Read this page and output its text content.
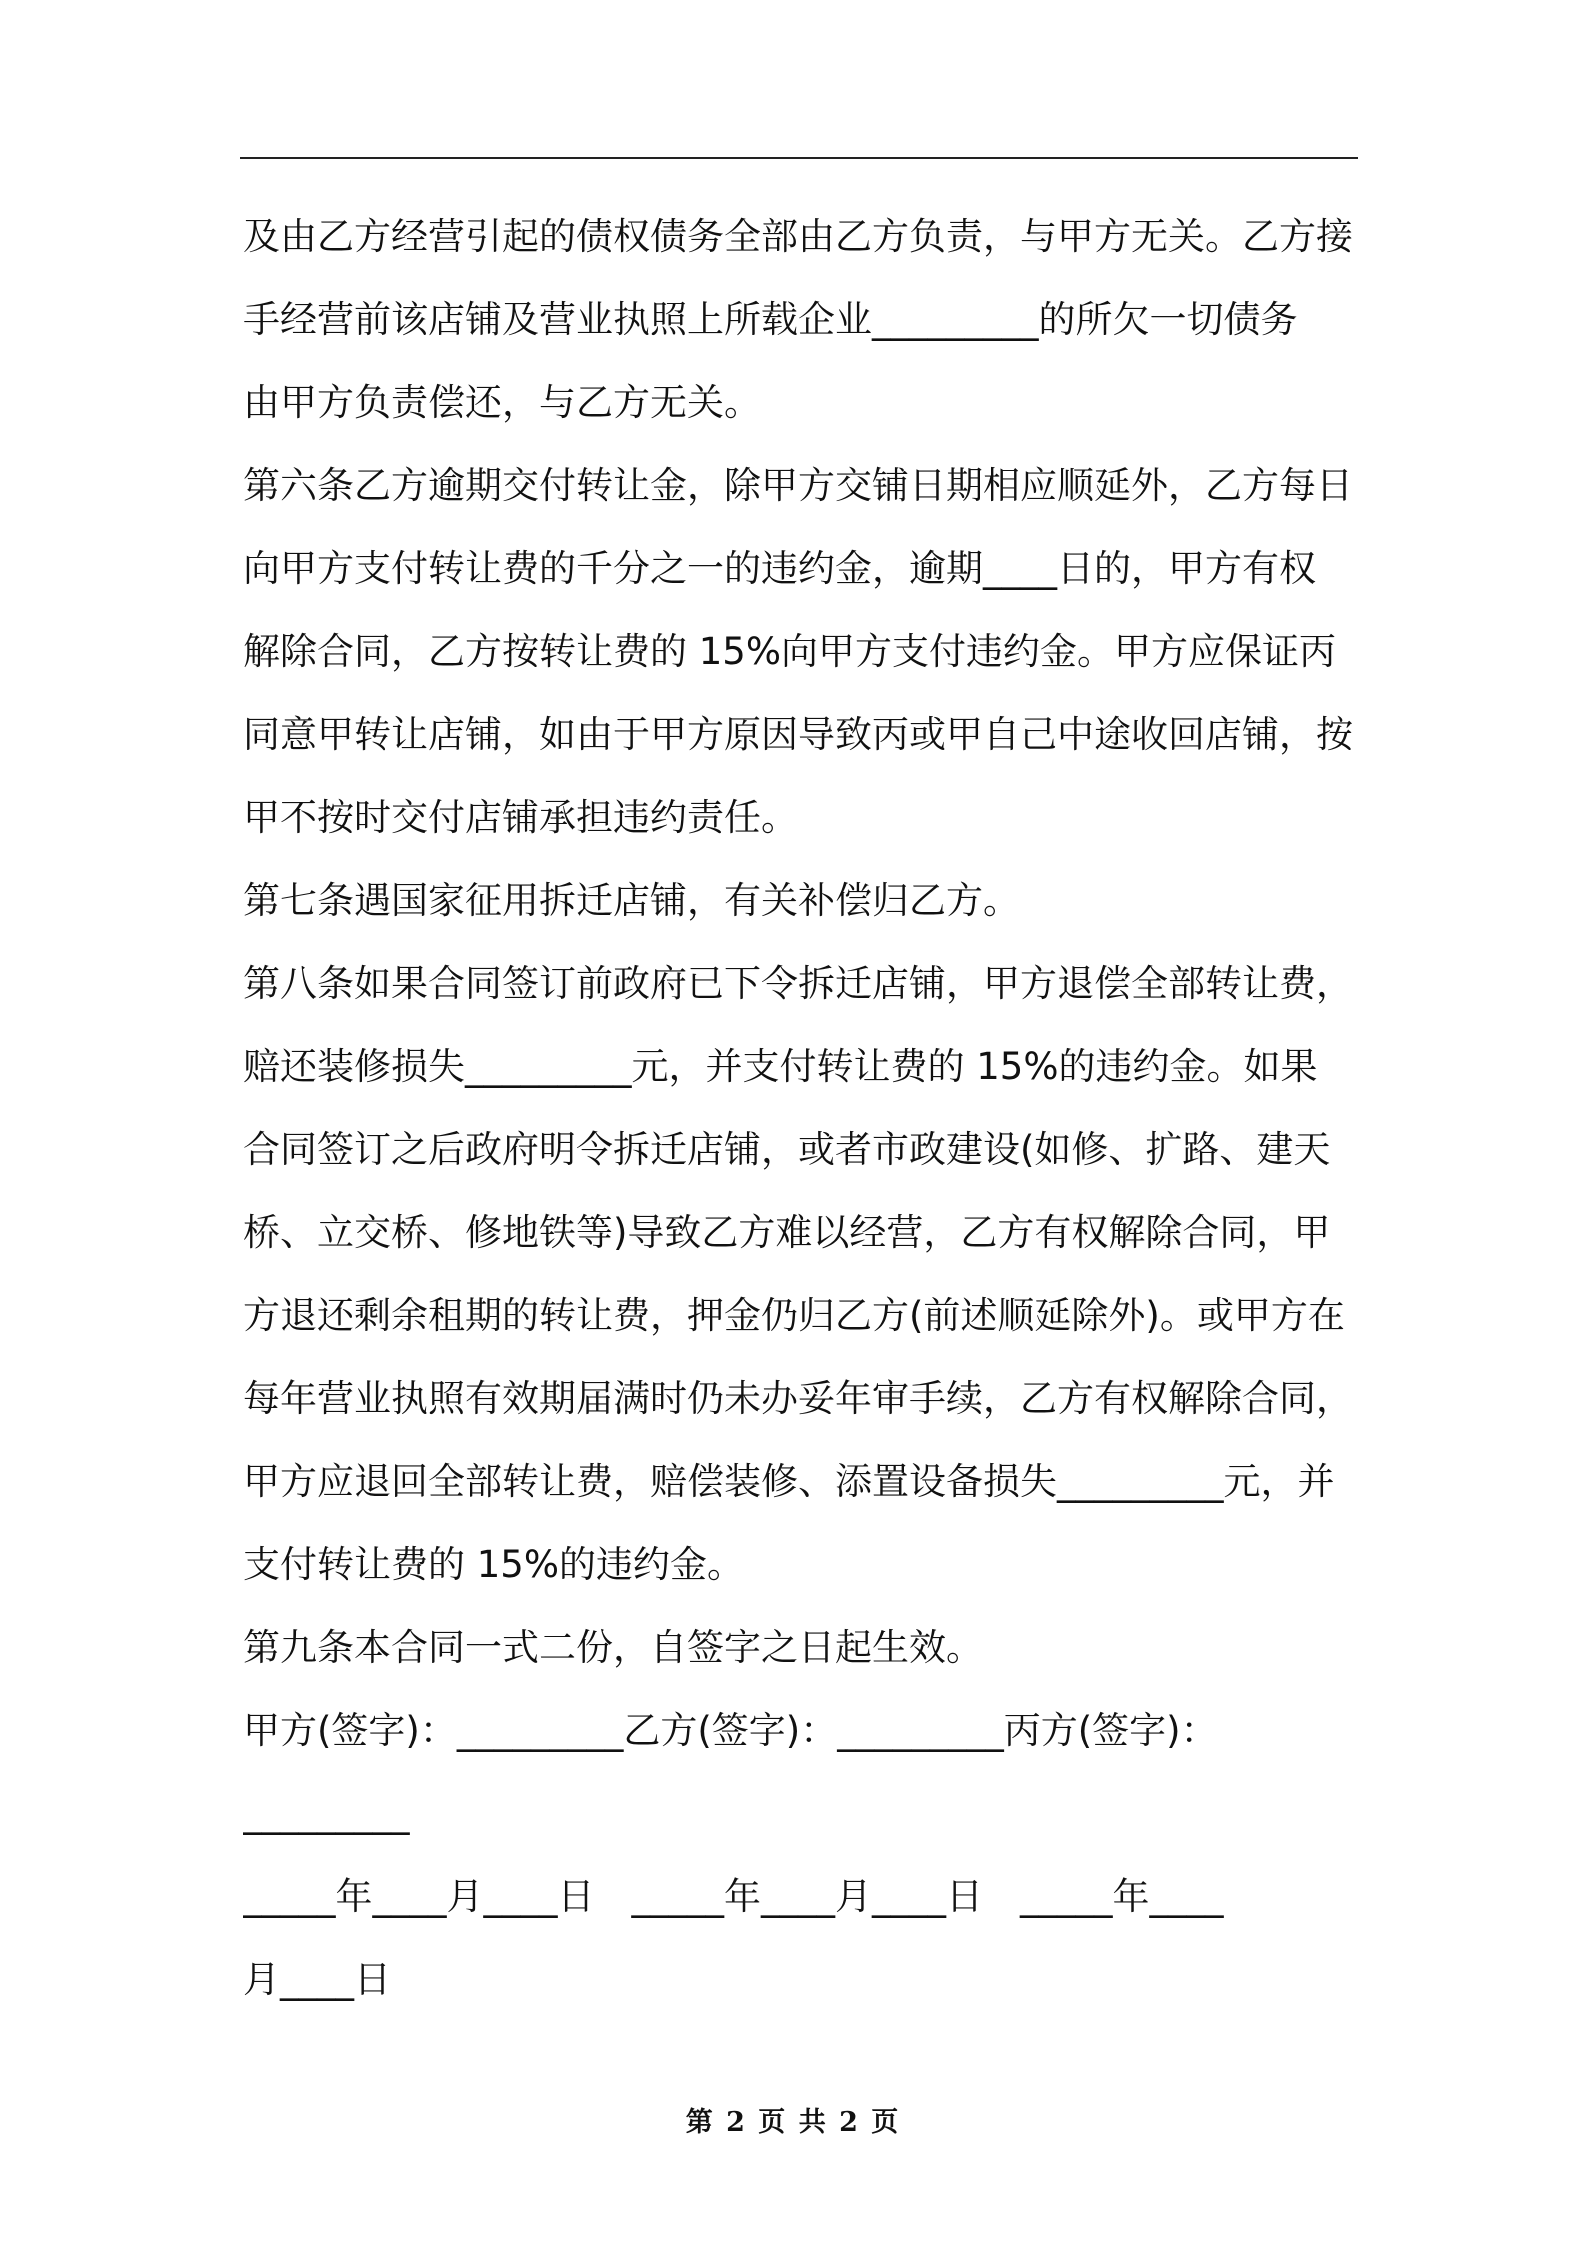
及由乙方经营引起的债权债务全部由乙方负责，与甲方无关。乙方接
手经营前该店铺及营业执照上所载企业_________的所欠一切债务
由甲方负责偿还，与乙方无关。
第六条乙方逾期交付转让金，除甲方交铺日期相应顺延外，乙方每日
向甲方支付转让费的千分之一的违约金，逾期____日的，甲方有权
解除合同，乙方按转让费的 15%向甲方支付违约金。甲方应保证丙
同意甲转让店铺，如由于甲方原因导致丙或甲自己中途收回店铺，按
甲不按时交付店铺承担违约责任。
第七条遇国家征用拆迁店铺，有关补偿归乙方。
第八条如果合同签订前政府已下令拆迁店铺，甲方退偿全部转让费，
赔还装修损失_________元，并支付转让费的 15%的违约金。如果
合同签订之后政府明令拆迁店铺，或者市政建设(如修、扩路、建天
桥、立交桥、修地铁等)导致乙方难以经营，乙方有权解除合同，甲
方退还剩余租期的转让费，押金仍归乙方(前述顺延除外)。或甲方在
每年营业执照有效期届满时仍未办妥年审手续，乙方有权解除合同，
甲方应退回全部转让费，赔偿装修、添置设备损失_________元，并
支付转让费的 15%的违约金。
第九条本合同一式二份，自签字之日起生效。
甲方(签字)：_________乙方(签字)：_________丙方(签字)：
_________
_____年____月____日　_____年____月____日　_____年____
月____日
第 2 页 共 2 页
